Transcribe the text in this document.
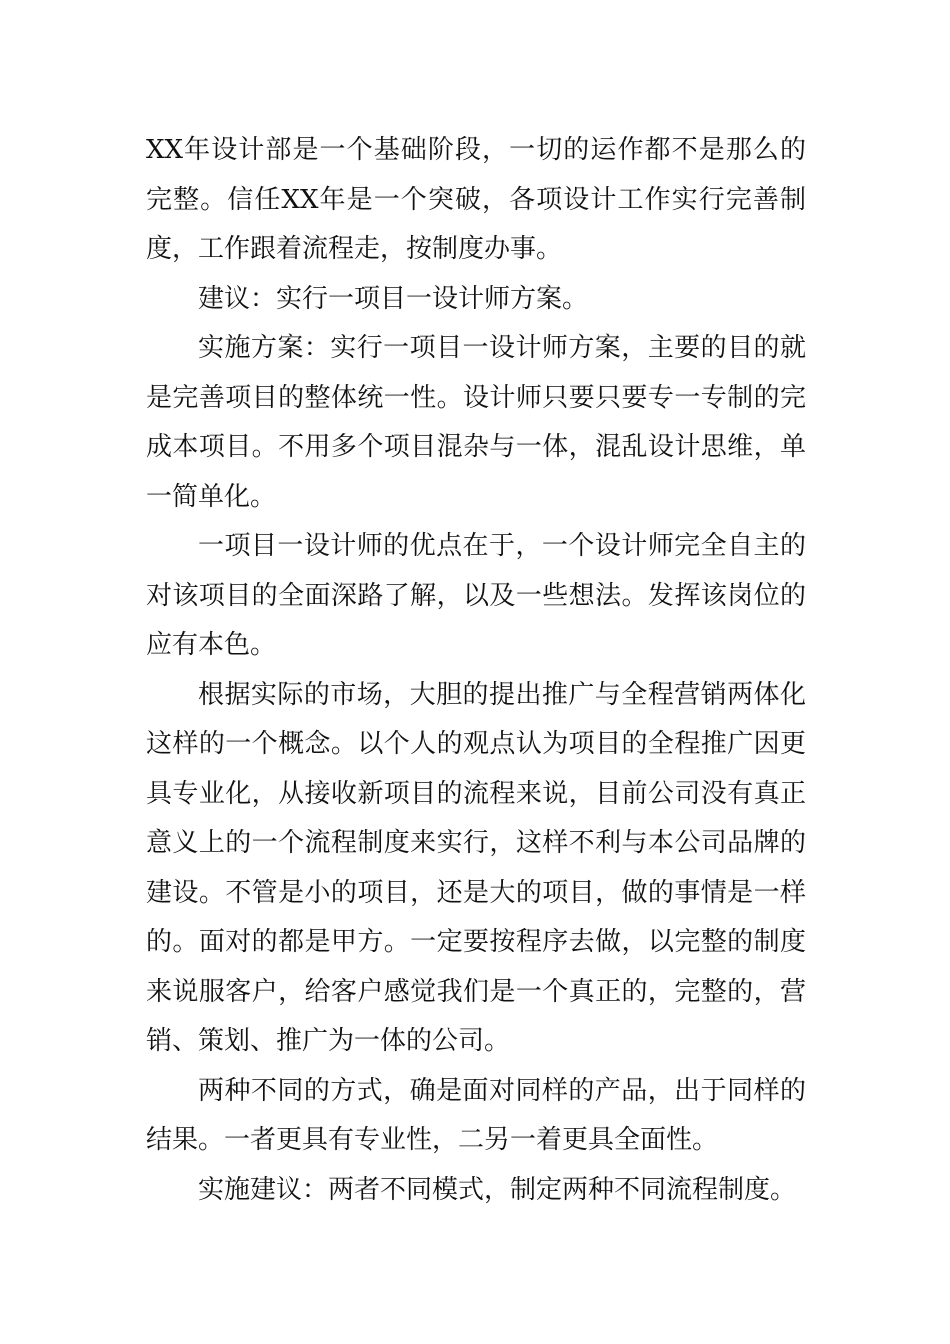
XX年设计部是一个基础阶段，一切的运作都不是那么的完整。信任XX年是一个突破，各项设计工作实行完善制度，工作跟着流程走，按制度办事。

建议：实行一项目一设计师方案。

实施方案：实行一项目一设计师方案，主要的目的就是完善项目的整体统一性。设计师只要只要专一专制的完成本项目。不用多个项目混杂与一体，混乱设计思维，单一简单化。

一项目一设计师的优点在于，一个设计师完全自主的对该项目的全面深路了解，以及一些想法。发挥该岗位的应有本色。

根据实际的市场，大胆的提出推广与全程营销两体化这样的一个概念。以个人的观点认为项目的全程推广因更具专业化，从接收新项目的流程来说，目前公司没有真正意义上的一个流程制度来实行，这样不利与本公司品牌的建设。不管是小的项目，还是大的项目，做的事情是一样的。面对的都是甲方。一定要按程序去做，以完整的制度来说服客户，给客户感觉我们是一个真正的，完整的，营销、策划、推广为一体的公司。

两种不同的方式，确是面对同样的产品，出于同样的结果。一者更具有专业性，二另一着更具全面性。

实施建议：两者不同模式，制定两种不同流程制度。
